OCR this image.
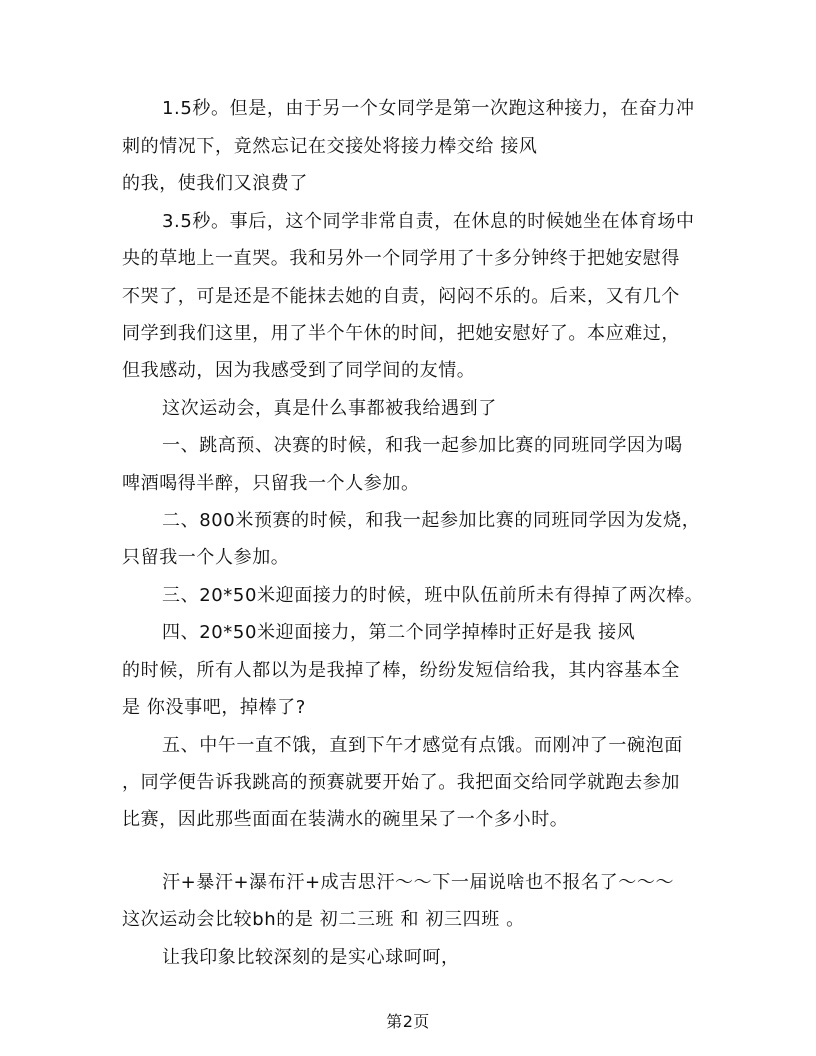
1.5秒。但是，由于另一个女同学是第一次跑这种接力，在奋力冲
刺的情况下，竟然忘记在交接处将接力棒交给 接风
的我，使我们又浪费了
3.5秒。事后，这个同学非常自责，在休息的时候她坐在体育场中
央的草地上一直哭。我和另外一个同学用了十多分钟终于把她安慰得
不哭了，可是还是不能抹去她的自责，闷闷不乐的。后来，又有几个
同学到我们这里，用了半个午休的时间，把她安慰好了。本应难过，
但我感动，因为我感受到了同学间的友情。
这次运动会，真是什么事都被我给遇到了
一、跳高预、决赛的时候，和我一起参加比赛的同班同学因为喝
啤酒喝得半醉，只留我一个人参加。
二、800米预赛的时候，和我一起参加比赛的同班同学因为发烧，
只留我一个人参加。
三、20*50米迎面接力的时候，班中队伍前所未有得掉了两次棒。
四、20*50米迎面接力，第二个同学掉棒时正好是我 接风
的时候，所有人都以为是我掉了棒，纷纷发短信给我，其内容基本全
是 你没事吧，掉棒了?
五、中午一直不饿，直到下午才感觉有点饿。而刚冲了一碗泡面
，同学便告诉我跳高的预赛就要开始了。我把面交给同学就跑去参加
比赛，因此那些面面在装满水的碗里呆了一个多小时。
汗+暴汗+瀑布汗+成吉思汗～～下一届说啥也不报名了～～～
这次运动会比较bh的是 初二三班 和 初三四班 。
让我印象比较深刻的是实心球呵呵，
第2页
